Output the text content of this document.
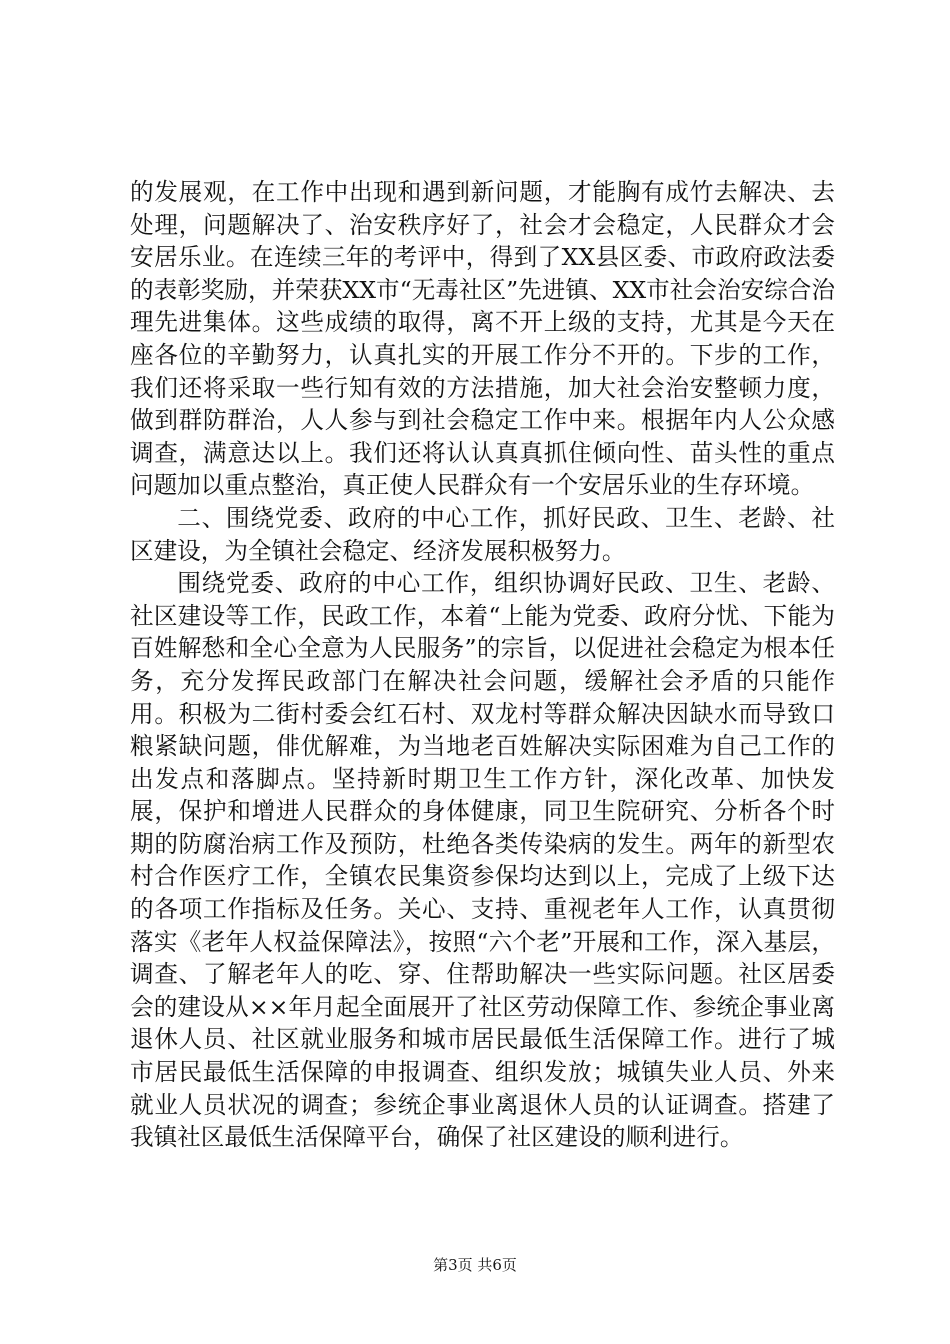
的发展观，在工作中出现和遇到新问题，才能胸有成竹去解决、去处理，问题解决了、治安秩序好了，社会才会稳定，人民群众才会安居乐业。在连续三年的考评中，得到了XX县区委、市政府政法委的表彰奖励，并荣获XX市“无毒社区”先进镇、XX市社会治安综合治理先进集体。这些成绩的取得，离不开上级的支持，尤其是今天在座各位的辛勤努力，认真扎实的开展工作分不开的。下步的工作，我们还将采取一些行知有效的方法措施，加大社会治安整顿力度，做到群防群治，人人参与到社会稳定工作中来。根据年内人公众感调查，满意达以上。我们还将认认真真抓住倾向性、苗头性的重点问题加以重点整治，真正使人民群众有一个安居乐业的生存环境。

二、围绕党委、政府的中心工作，抓好民政、卫生、老龄、社区建设，为全镇社会稳定、经济发展积极努力。

围绕党委、政府的中心工作，组织协调好民政、卫生、老龄、社区建设等工作，民政工作，本着“上能为党委、政府分忧、下能为百姓解愁和全心全意为人民服务”的宗旨，以促进社会稳定为根本任务，充分发挥民政部门在解决社会问题，缓解社会矛盾的只能作用。积极为二街村委会红石村、双龙村等群众解决因缺水而导致口粮紧缺问题，俳优解难，为当地老百姓解决实际困难为自己工作的出发点和落脚点。坚持新时期卫生工作方针，深化改革、加快发展，保护和增进人民群众的身体健康，同卫生院研究、分析各个时期的防腐治病工作及预防，杜绝各类传染病的发生。两年的新型农村合作医疗工作，全镇农民集资参保均达到以上，完成了上级下达的各项工作指标及任务。关心、支持、重视老年人工作，认真贯彻落实《老年人权益保障法》，按照“六个老”开展和工作，深入基层，调查、了解老年人的吃、穿、住帮助解决一些实际问题。社区居委会的建设从××年月起全面展开了社区劳动保障工作、参统企事业离退休人员、社区就业服务和城市居民最低生活保障工作。进行了城市居民最低生活保障的申报调查、组织发放；城镇失业人员、外来就业人员状况的调查；参统企事业离退休人员的认证调查。搭建了我镇社区最低生活保障平台，确保了社区建设的顺利进行。

第3页 共6页
